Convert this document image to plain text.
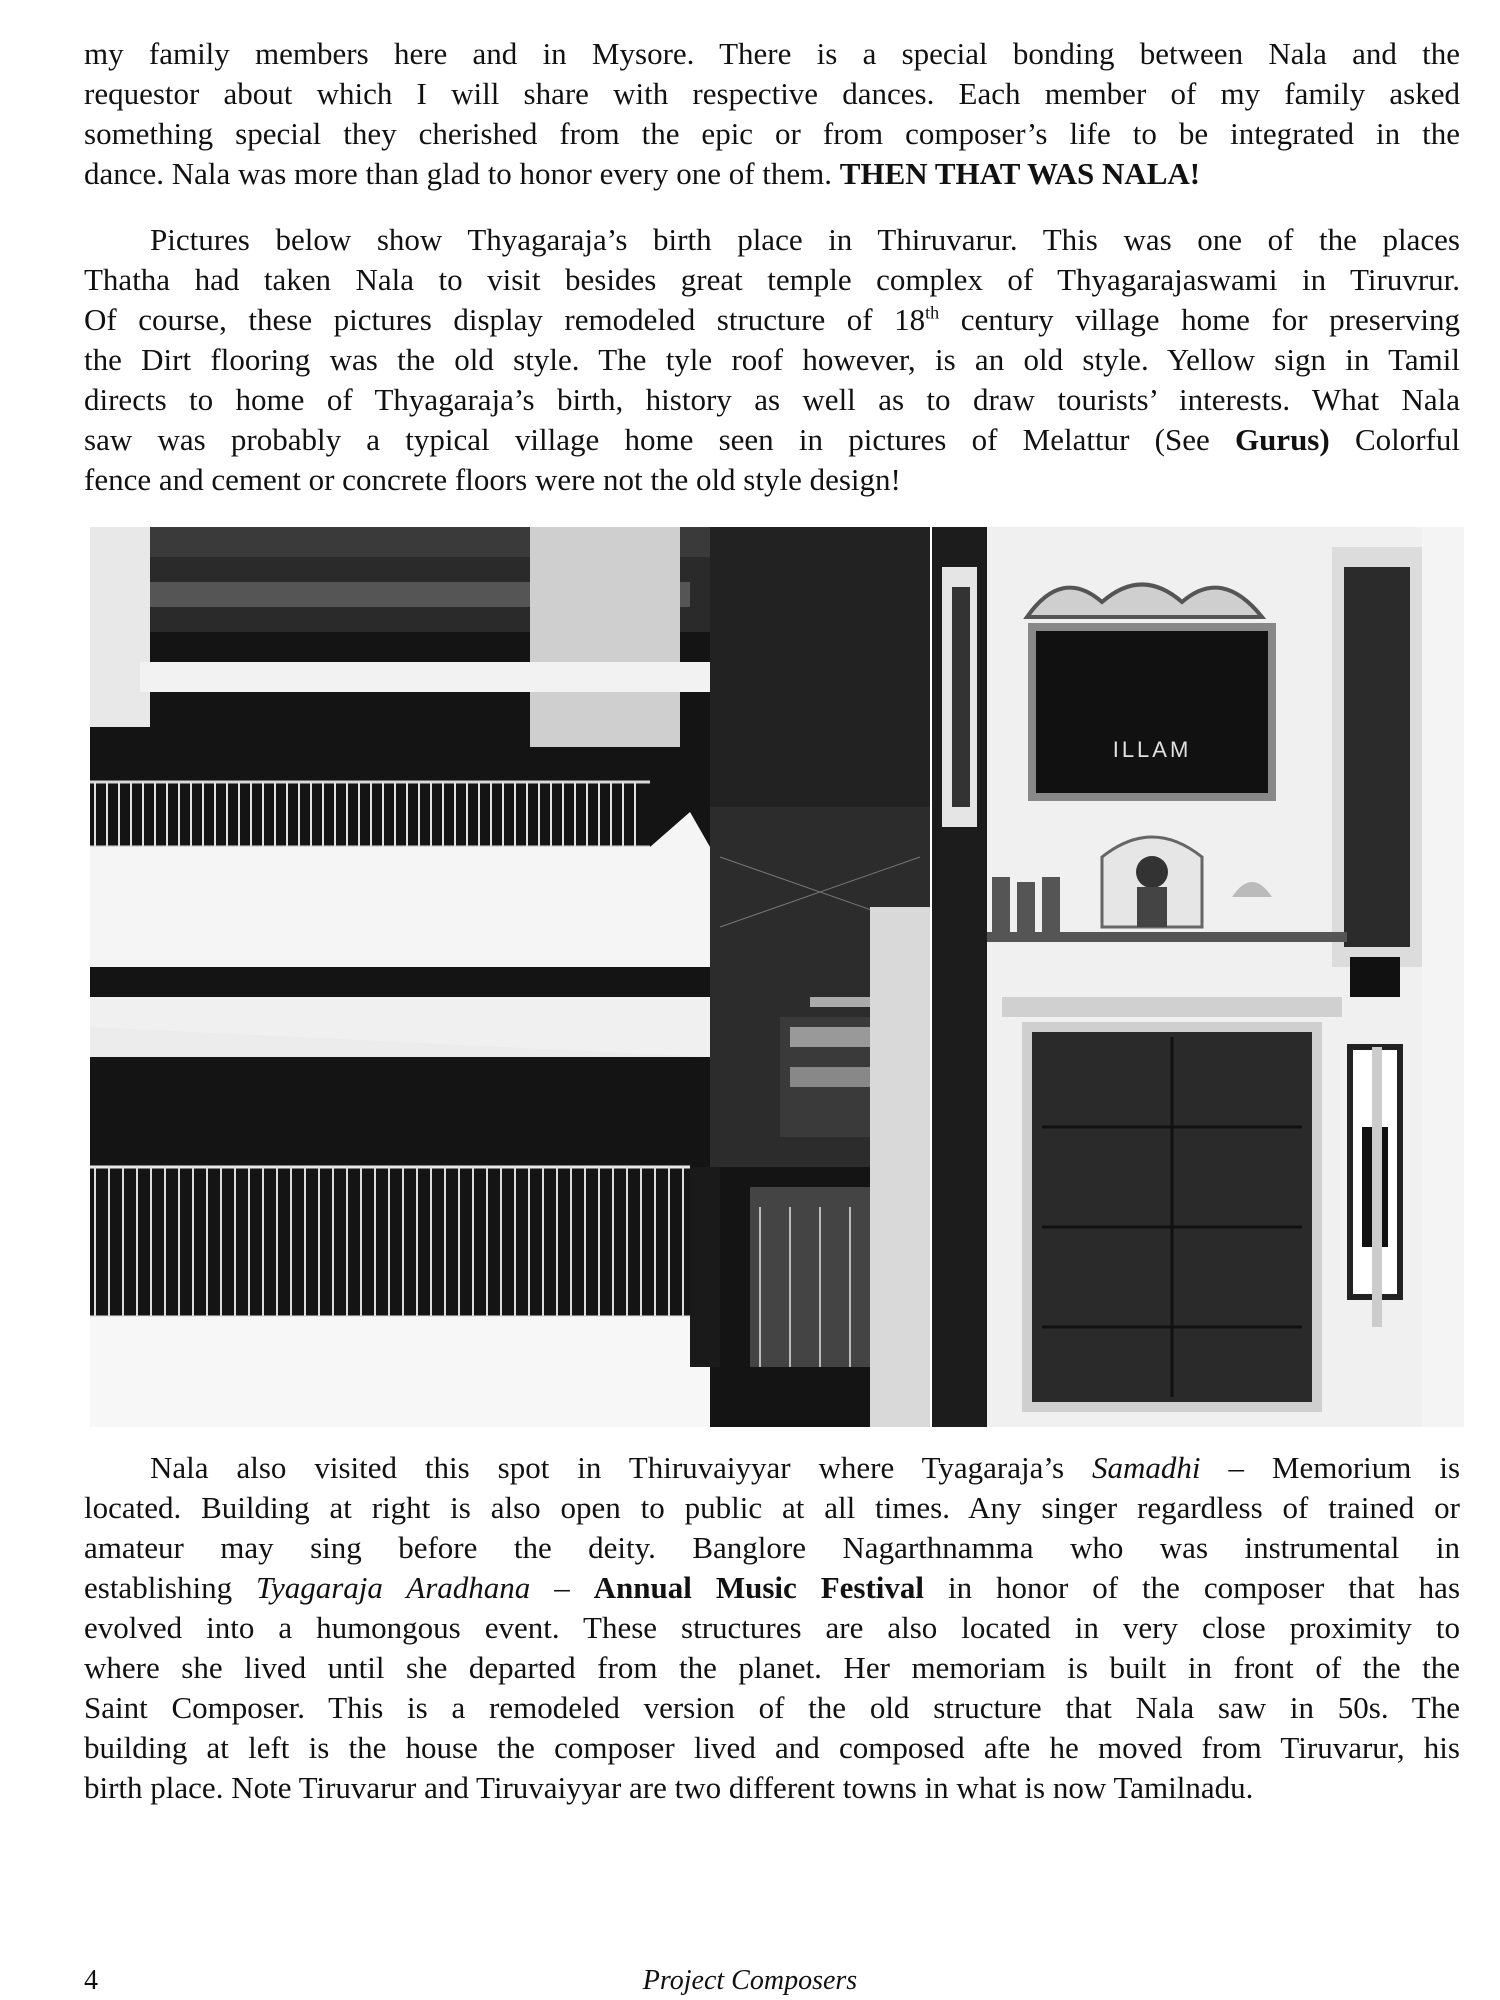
my family members here and in Mysore. There is a special bonding between Nala and the
requestor about which I will share with respective dances. Each member of my family asked
something special they cherished from the epic or from composer’s life to be integrated in the
dance. Nala was more than glad to honor every one of them. THEN THAT WAS NALA!
Pictures below show Thyagaraja’s birth place in Thiruvarur. This was one of the places
Thatha had taken Nala to visit besides great temple complex of Thyagarajaswami in Tiruvrur.
Of course, these pictures display remodeled structure of 18th century village home for preserving
the Dirt flooring was the old style. The tyle roof however, is an old style. Yellow sign in Tamil
directs to home of Thyagaraja’s birth, history as well as to draw tourists’ interests. What Nala
saw was probably a typical village home seen in pictures of Melattur (See Gurus) Colorful
fence and cement or concrete floors were not the old style design!
ILLAM
Nala also visited this spot in Thiruvaiyyar where Tyagaraja’s Samadhi – Memorium is
located. Building at right is also open to public at all times. Any singer regardless of trained or
amateur may sing before the deity. Banglore Nagarthnamma who was instrumental in
establishing Tyagaraja Aradhana – Annual Music Festival in honor of the composer that has
evolved into a humongous event. These structures are also located in very close proximity to
where she lived until she departed from the planet. Her memoriam is built in front of the the
Saint Composer. This is a remodeled version of the old structure that Nala saw in 50s. The
building at left is the house the composer lived and composed afte he moved from Tiruvarur, his
birth place. Note Tiruvarur and Tiruvaiyyar are two different towns in what is now Tamilnadu.
4	Project Composers
